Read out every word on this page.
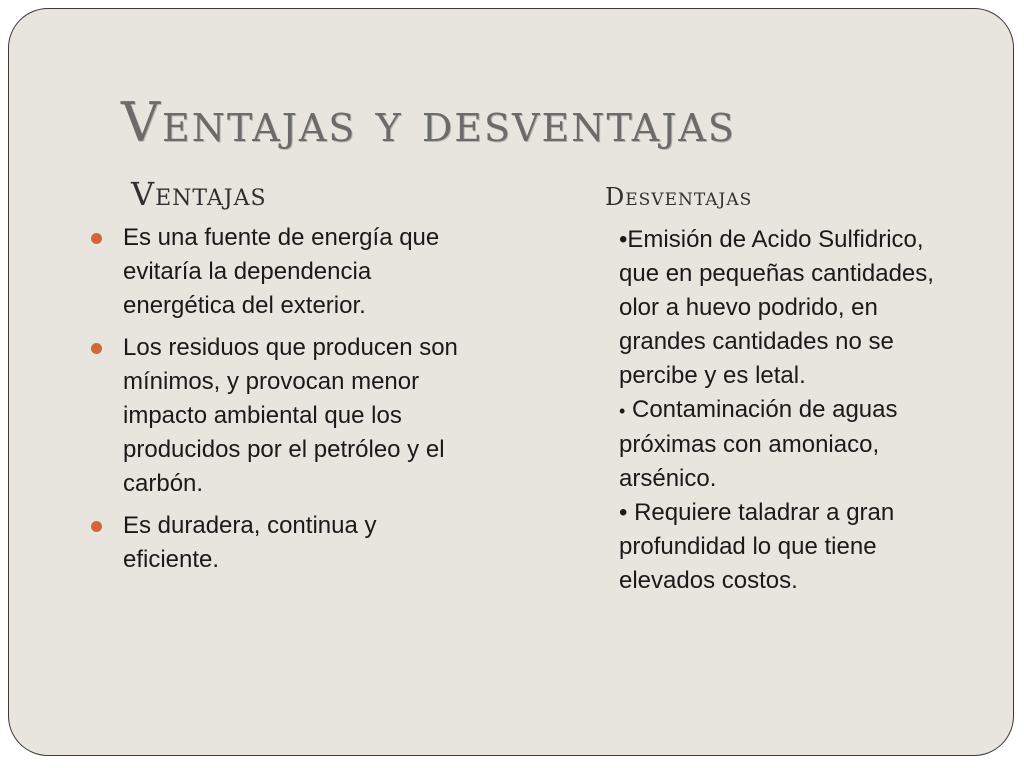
Ventajas y desventajas
Ventajas	Desventajas
Es una fuente de energía que evitaría la dependencia energética del exterior.
Los residuos que producen son mínimos, y provocan menor impacto ambiental que los producidos por el petróleo y el carbón.
Es duradera, continua y eficiente.

•Emisión de Acido Sulfidrico, que en pequeñas cantidades, olor a huevo podrido, en grandes cantidades no se percibe y es letal.

• Contaminación de aguas próximas con amoniaco, arsénico.

• Requiere taladrar a gran profundidad lo que tiene elevados costos.
